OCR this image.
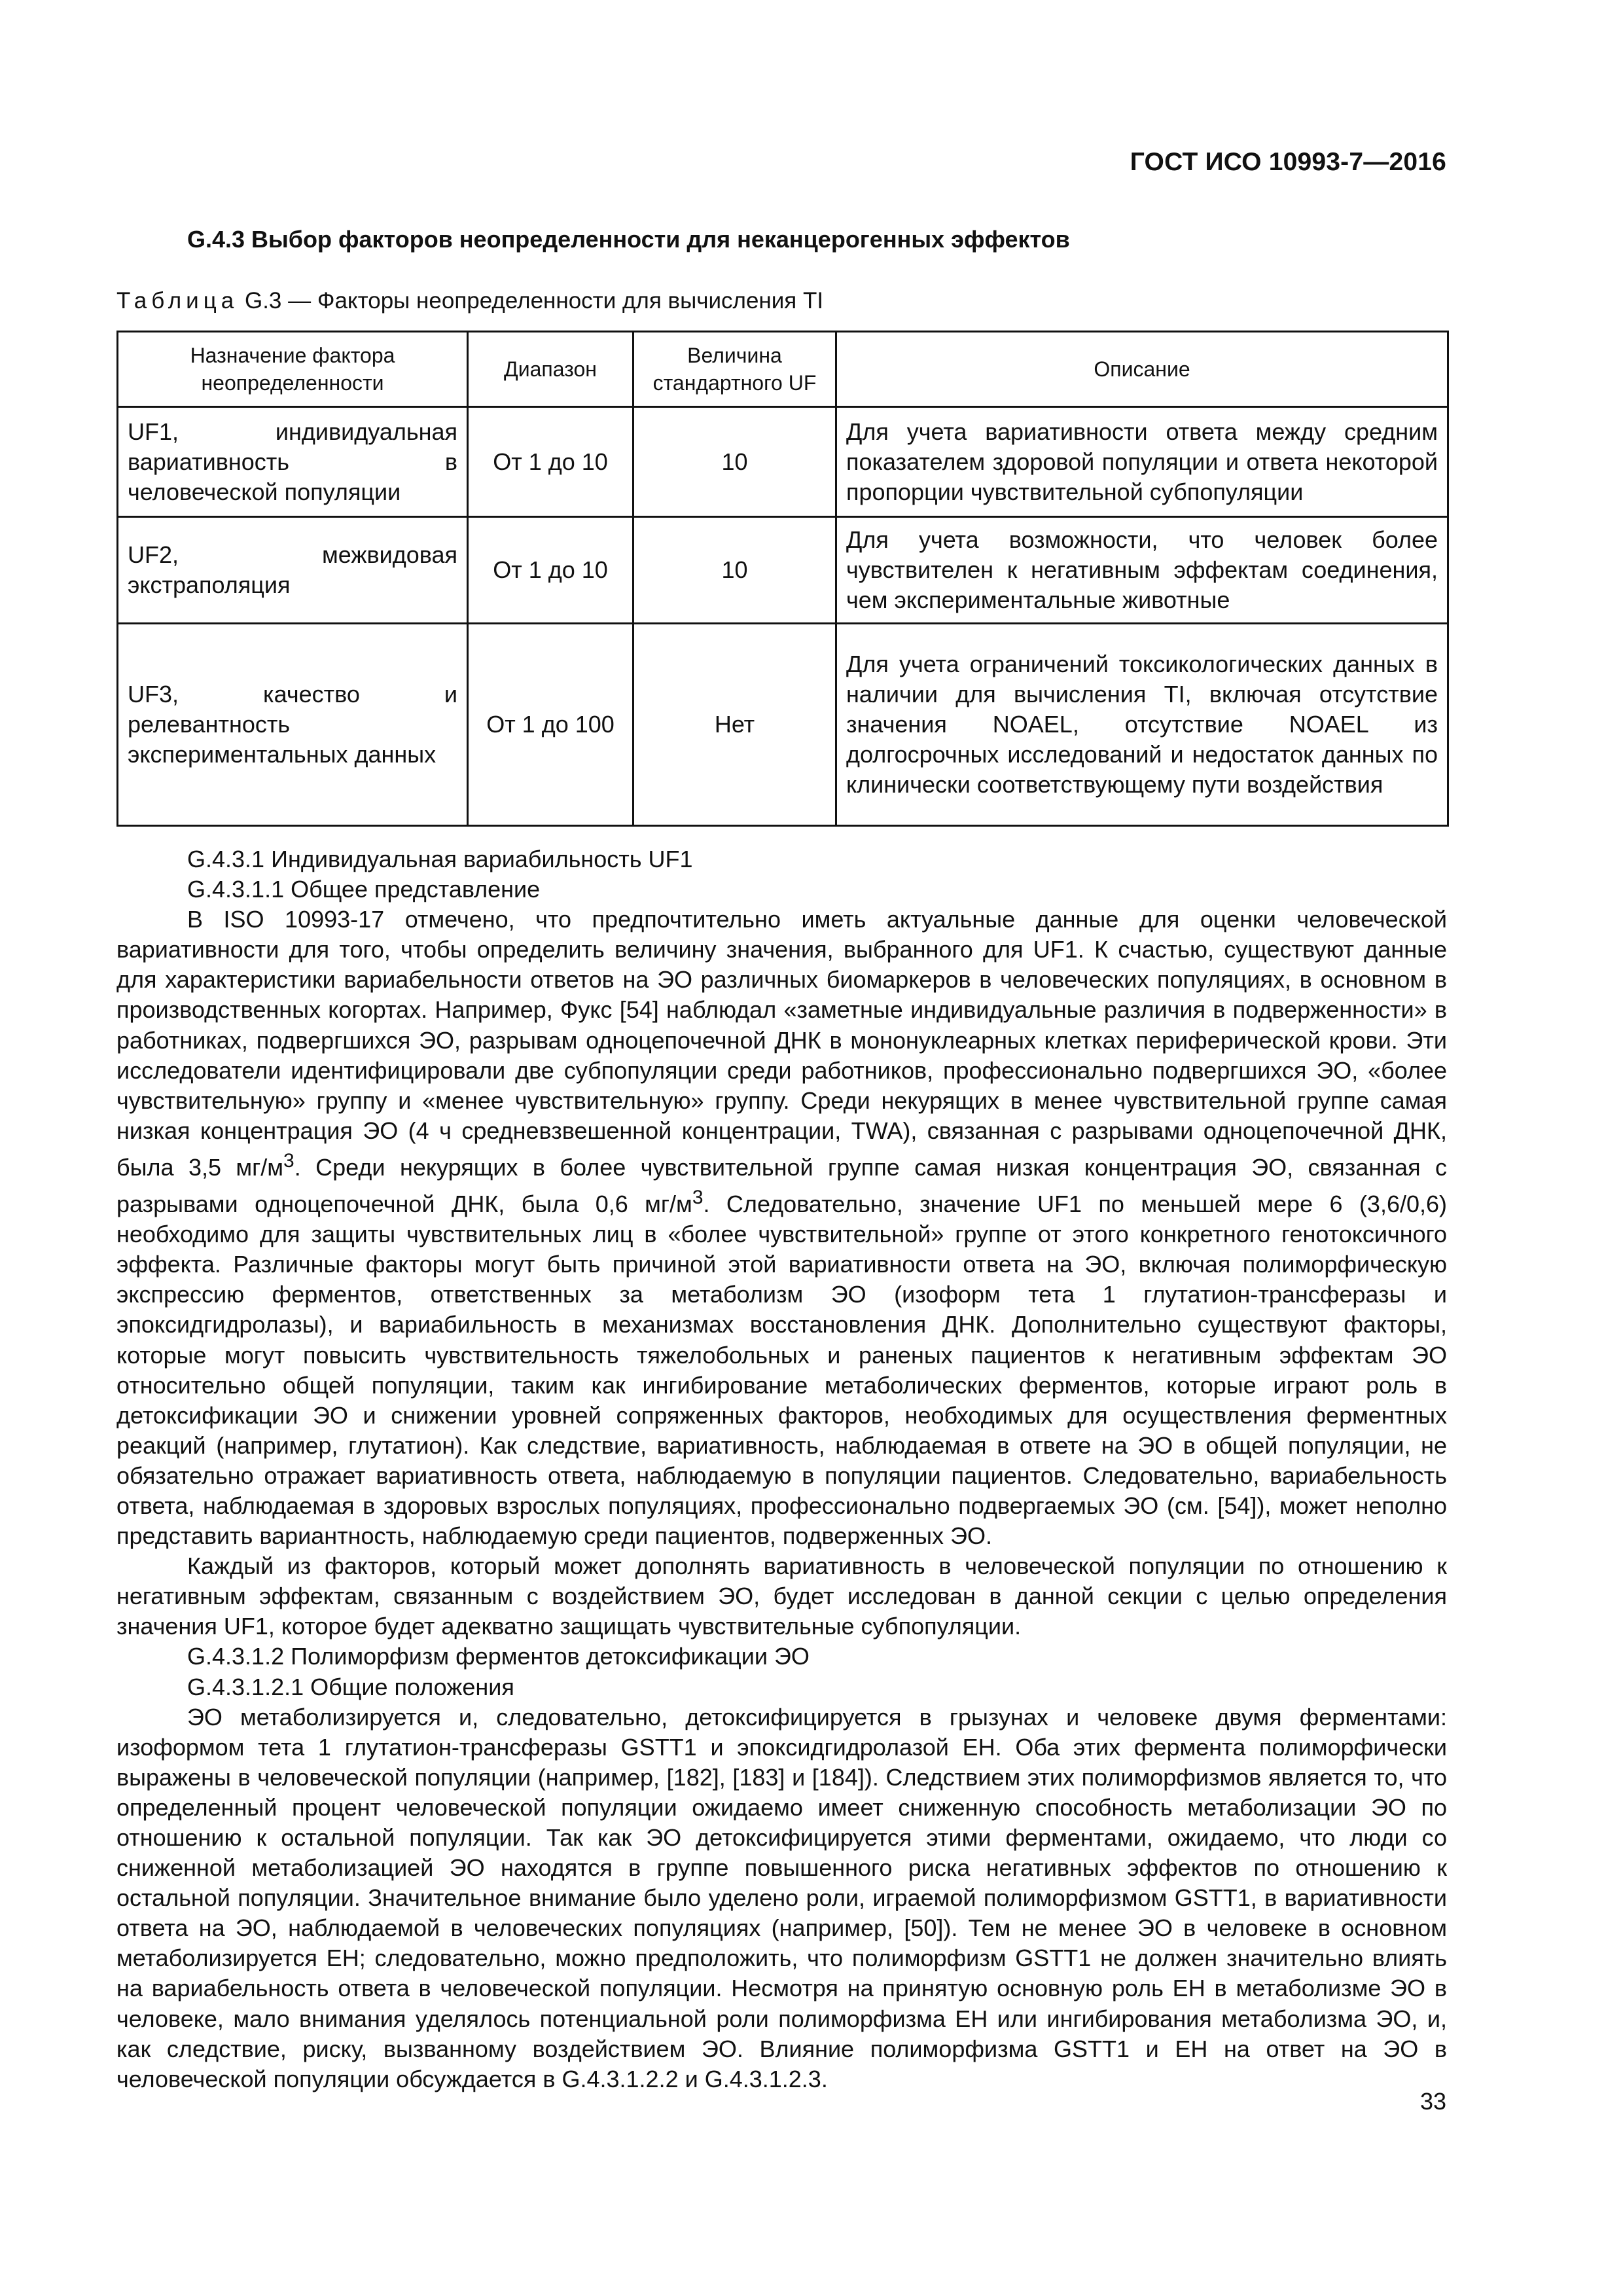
ГОСТ ИСО 10993-7—2016
G.4.3 Выбор факторов неопределенности для неканцерогенных эффектов
Таблица G.3 — Факторы неопределенности для вычисления TI
Назначение фактора неопределенности	Диапазон	Величина стандартного UF	Описание
UF1, индивидуальная вариативность в человеческой популяции	От 1 до 10	10	Для учета вариативности ответа между средним показателем здоровой популяции и ответа некоторой пропорции чувствительной субпопуляции
UF2, межвидовая экстраполяция	От 1 до 10	10	Для учета возможности, что человек более чувствителен к негативным эффектам соединения, чем экспериментальные животные
UF3, качество и релевантность экспериментальных данных	От 1 до 100	Нет	Для учета ограничений токсикологических данных в наличии для вычисления TI, включая отсутствие значения NOAEL, отсутствие NOAEL из долгосрочных исследований и недостаток данных по клинически соответствующему пути воздействия

G.4.3.1 Индивидуальная вариабильность UF1

G.4.3.1.1 Общее представление

В ISO 10993-17 отмечено, что предпочтительно иметь актуальные данные для оценки человеческой вариативности для того, чтобы определить величину значения, выбранного для UF1. К счастью, существуют данные для характеристики вариабельности ответов на ЭО различных биомаркеров в человеческих популяциях, в основном в производственных когортах. Например, Фукс [54] наблюдал «заметные индивидуальные различия в подверженности» в работниках, подвергшихся ЭО, разрывам одноцепочечной ДНК в мононуклеарных клетках периферической крови. Эти исследователи идентифицировали две субпопуляции среди работников, профессионально подвергшихся ЭО, «более чувствительную» группу и «менее чувствительную» группу. Среди некурящих в менее чувствительной группе самая низкая концентрация ЭО (4 ч средневзвешенной концентрации, TWA), связанная с разрывами одноцепочечной ДНК, была 3,5 $мг/м^3$. Среди некурящих в более чувствительной группе самая низкая концентрация ЭО, связанная с разрывами одноцепочечной ДНК, была 0,6 $мг/м^3$. Следовательно, значение UF1 по меньшей мере 6 (3,6/0,6) необходимо для защиты чувствительных лиц в «более чувствительной» группе от этого конкретного генотоксичного эффекта. Различные факторы могут быть причиной этой вариативности ответа на ЭО, включая полиморфическую экспрессию ферментов, ответственных за метаболизм ЭО (изоформ тета 1 глутатион-трансферазы и эпоксидгидролазы), и вариабильность в механизмах восстановления ДНК. Дополнительно существуют факторы, которые могут повысить чувствительность тяжелобольных и раненых пациентов к негативным эффектам ЭО относительно общей популяции, таким как ингибирование метаболических ферментов, которые играют роль в детоксификации ЭО и снижении уровней сопряженных факторов, необходимых для осуществления ферментных реакций (например, глутатион). Как следствие, вариативность, наблюдаемая в ответе на ЭО в общей популяции, не обязательно отражает вариативность ответа, наблюдаемую в популяции пациентов. Следовательно, вариабельность ответа, наблюдаемая в здоровых взрослых популяциях, профессионально подвергаемых ЭО (см. [54]), может неполно представить вариантность, наблюдаемую среди пациентов, подверженных ЭО.

Каждый из факторов, который может дополнять вариативность в человеческой популяции по отношению к негативным эффектам, связанным с воздействием ЭО, будет исследован в данной секции с целью определения значения UF1, которое будет адекватно защищать чувствительные субпопуляции.

G.4.3.1.2 Полиморфизм ферментов детоксификации ЭО

G.4.3.1.2.1 Общие положения

ЭО метаболизируется и, следовательно, детоксифицируется в грызунах и человеке двумя ферментами: изоформом тета 1 глутатион-трансферазы GSTT1 и эпоксидгидролазой EH. Оба этих фермента полиморфически выражены в человеческой популяции (например, [182], [183] и [184]). Следствием этих полиморфизмов является то, что определенный процент человеческой популяции ожидаемо имеет сниженную способность метаболизации ЭО по отношению к остальной популяции. Так как ЭО детоксифицируется этими ферментами, ожидаемо, что люди со сниженной метаболизацией ЭО находятся в группе повышенного риска негативных эффектов по отношению к остальной популяции. Значительное внимание было уделено роли, играемой полиморфизмом GSTT1, в вариативности ответа на ЭО, наблюдаемой в человеческих популяциях (например, [50]). Тем не менее ЭО в человеке в основном метаболизируется EH; следовательно, можно предположить, что полиморфизм GSTT1 не должен значительно влиять на вариабельность ответа в человеческой популяции. Несмотря на принятую основную роль EH в метаболизме ЭО в человеке, мало внимания уделялось потенциальной роли полиморфизма EH или ингибирования метаболизма ЭО, и, как следствие, риску, вызванному воздействием ЭО. Влияние полиморфизма GSTT1 и EH на ответ на ЭО в человеческой популяции обсуждается в G.4.3.1.2.2 и G.4.3.1.2.3.

33
